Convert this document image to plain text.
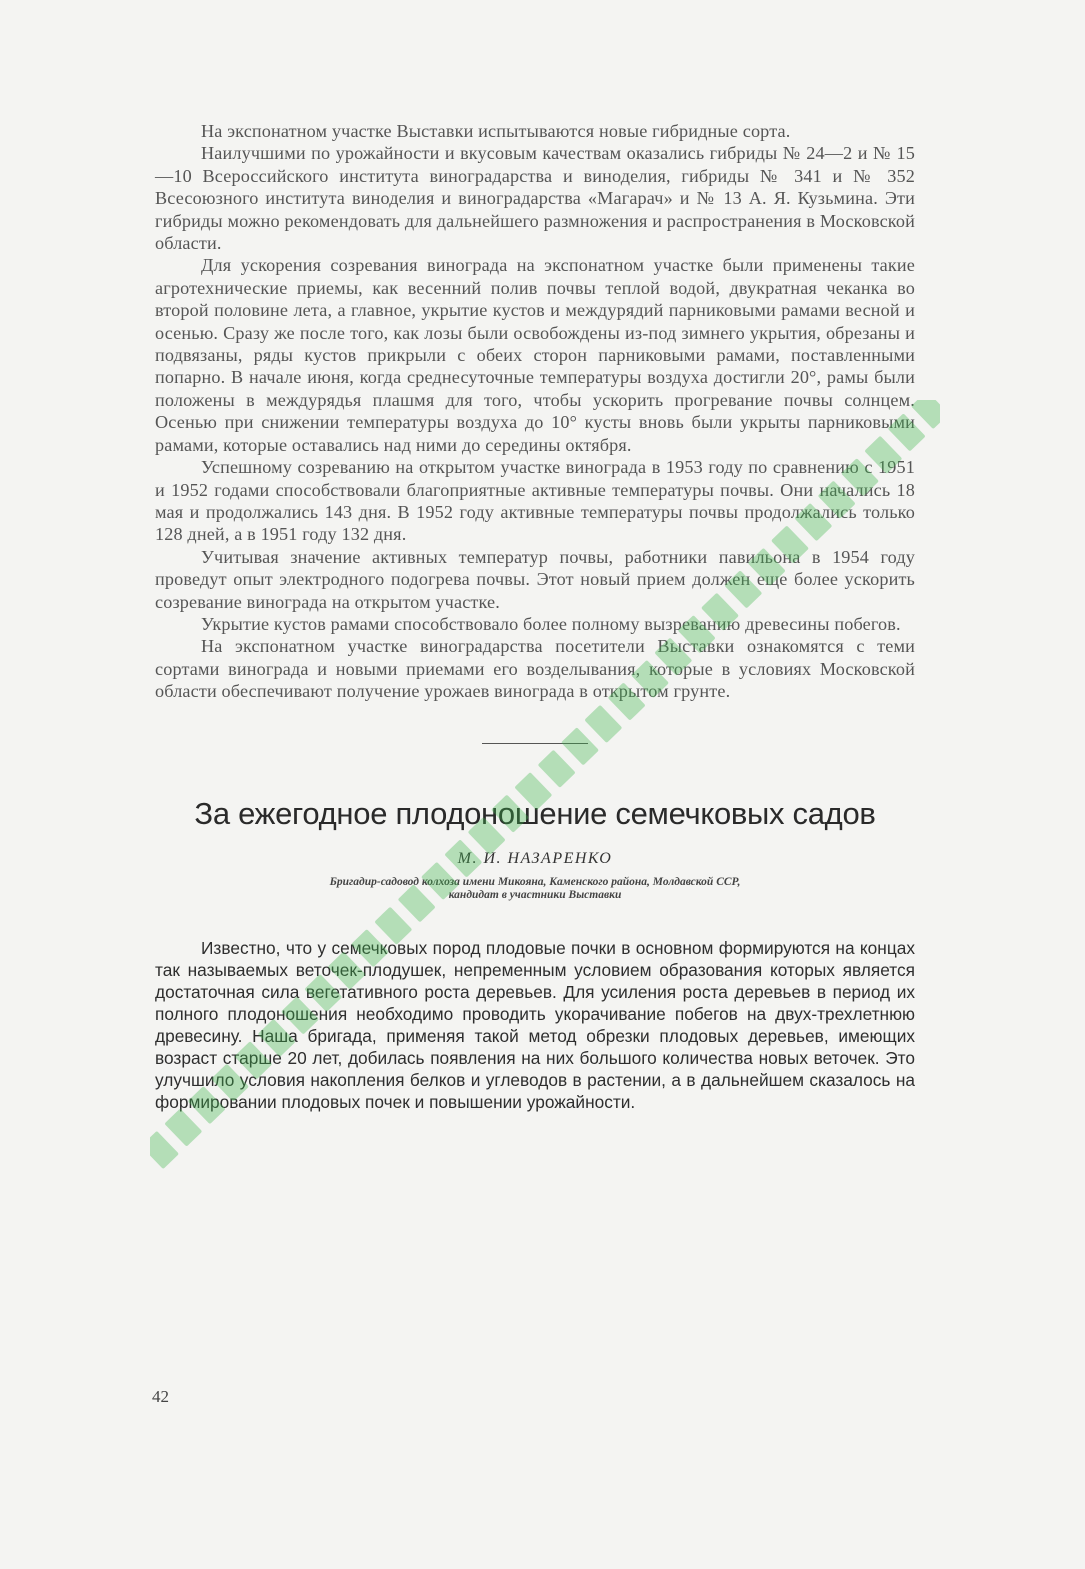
На экспонатном участке Выставки испытываются новые гибридные сорта.

Наилучшими по урожайности и вкусовым качествам оказались гибриды № 24—2 и № 15—10 Всероссийского института виноградарства и виноделия, гибриды № 341 и № 352 Всесоюзного института виноделия и виноградарства «Магарач» и № 13 А. Я. Кузьмина. Эти гибриды можно рекомендовать для дальнейшего размножения и распространения в Московской области.

Для ускорения созревания винограда на экспонатном участке были применены такие агротехнические приемы, как весенний полив почвы теплой водой, двукратная чеканка во второй половине лета, а главное, укрытие кустов и междурядий парниковыми рамами весной и осенью. Сразу же после того, как лозы были освобождены из-под зимнего укрытия, обрезаны и подвязаны, ряды кустов прикрыли с обеих сторон парниковыми рамами, поставленными попарно. В начале июня, когда среднесуточные температуры воздуха достигли 20°, рамы были положены в междурядья плашмя для того, чтобы ускорить прогревание почвы солнцем. Осенью при снижении температуры воздуха до 10° кусты вновь были укрыты парниковыми рамами, которые оставались над ними до середины октября.

Успешному созреванию на открытом участке винограда в 1953 году по сравнению с 1951 и 1952 годами способствовали благоприятные активные температуры почвы. Они начались 18 мая и продолжались 143 дня. В 1952 году активные температуры почвы продолжались только 128 дней, а в 1951 году 132 дня.

Учитывая значение активных температур почвы, работники павильона в 1954 году проведут опыт электродного подогрева почвы. Этот новый прием должен еще более ускорить созревание винограда на открытом участке.

Укрытие кустов рамами способствовало более полному вызреванию древесины побегов.

На экспонатном участке виноградарства посетители Выставки ознакомятся с теми сортами винограда и новыми приемами его возделывания, которые в условиях Московской области обеспечивают получение урожаев винограда в открытом грунте.

За ежегодное плодоношение семечковых садов
М. И. НАЗАРЕНКО
Бригадир-садовод колхоза имени Микояна, Каменского района, Молдавской ССР,
кандидат в участники Выставки

Известно, что у семечковых пород плодовые почки в основном формируются на концах так называемых веточек-плодушек, непременным условием образования которых является достаточная сила вегетативного роста деревьев. Для усиления роста деревьев в период их полного плодоношения необходимо проводить укорачивание побегов на двух-трехлетнюю древесину. Наша бригада, применяя такой метод обрезки плодовых деревьев, имеющих возраст старше 20 лет, добилась появления на них большого количества новых веточек. Это улучшило условия накопления белков и углеводов в растении, а в дальнейшем сказалось на формировании плодовых почек и повышении урожайности.

42
